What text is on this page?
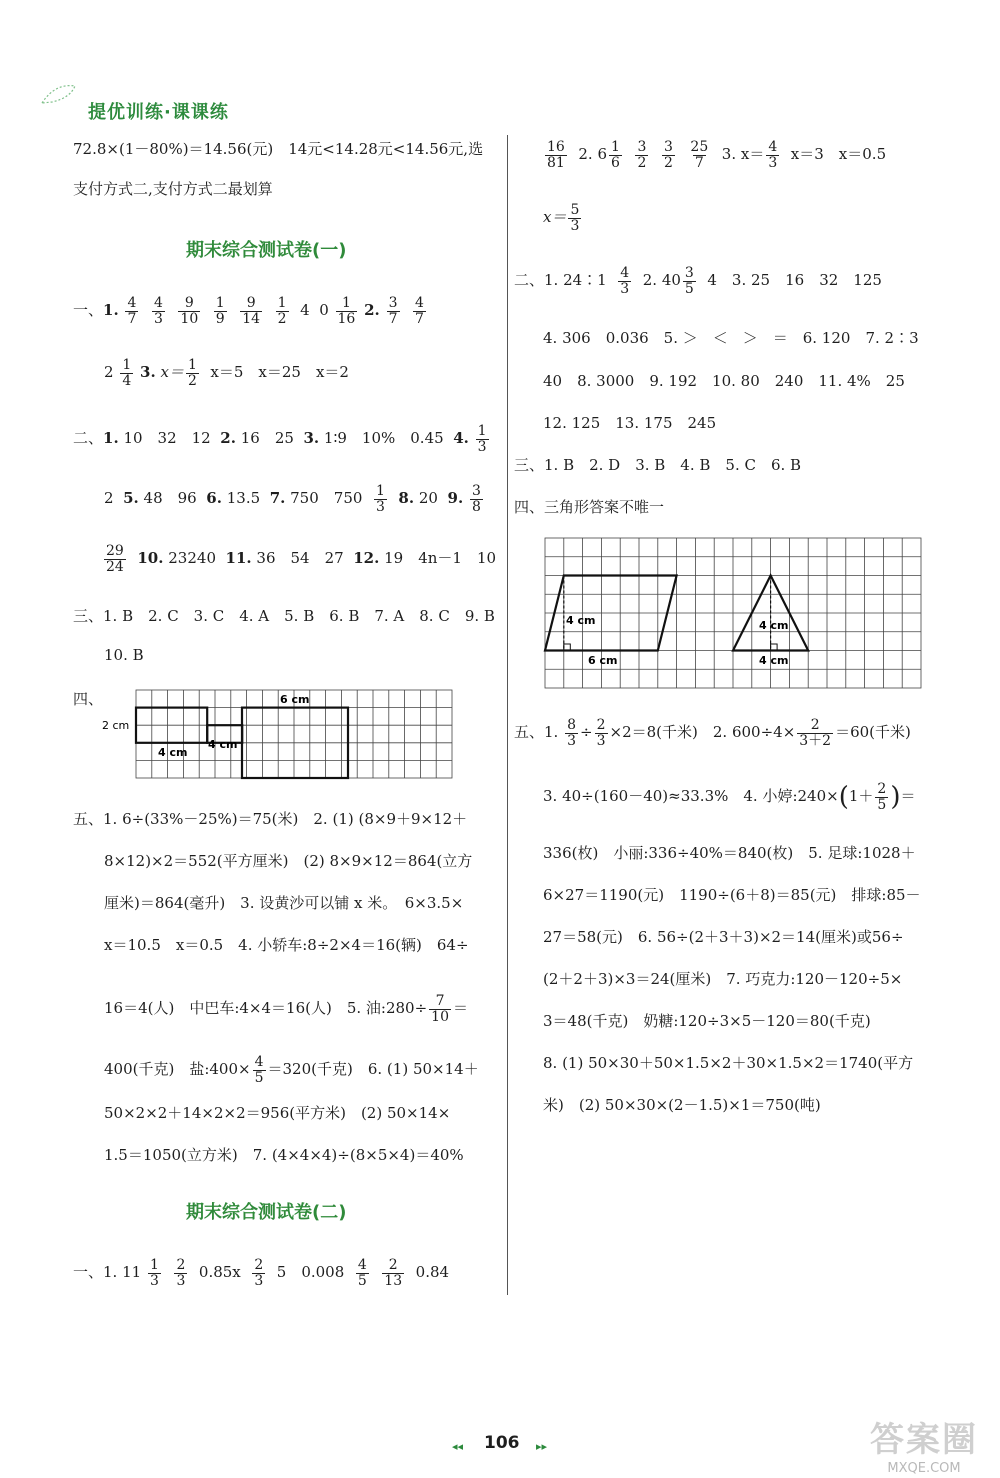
提优训练·课课练
72.8×(1－80%)＝14.56(元)　14元<14.28元<14.56元,选
支付方式二,支付方式二最划算
期末综合测试卷(一)
一、1. $\frac{4}{7}$
$\frac{4}{3}$
$\frac{9}{10}$
$\frac{1}{9}$
$\frac{9}{14}$
$\frac{1}{2} 4$ $0 \frac{1}{16} 2$. $\frac{3}{7}$
$\frac{4}{7}$
$2 \frac{1}{4} 3$. $x= \frac{1}{2} x=5$　x＝25　x＝2
二、1. 10　32　12 2. 16　25 3. 1∶9　10%　0.45 4. $\frac{1}{3}$
2 5. 48　96 6. 13.5 7. 750　$750 \frac{1}{3} 8$. 20 9. $\frac{3}{8}$
$\frac{29}{24} 10$. 23240 11. 36　54　27 12. 19　4n－1　10
三、1. B　2. C　3. C　4. A　5. B　6. B　7. A　8. C　9. B
10. B
四、	6 cm
2 cm
4 cm
4 cm
五、1. 6÷(33%－25%)＝75(米)　2. (1) (8×9＋9×12＋
8×12)×2＝552(平方厘米)　(2) 8×9×12＝864(立方
厘米)＝864(毫升)　3. 设黄沙可以铺 x 米。　6×3.5×
x＝10.5　x＝0.5　4. 小轿车:8÷2×4＝16(辆)　64÷
16＝4(人)　中巴车:4×4＝16(人)　5. 油:280÷ $\frac{7}{10}$ ＝
400(千克)　盐:400× $\frac{4}{5} =320$(千克)　6. (1) 50×14＋
50×2×2＋14×2×2＝956(平方米)　(2) 50×14×
1.5＝1050(立方米)　7. (4×4×4)÷(8×5×4)＝40%
期末综合测试卷(二)
一、1. $11 \frac{1}{3}$
$\frac{2}{3} 0.85x \frac{2}{3} 5$　$0.008 \frac{4}{5}$
$\frac{2}{13} 0.84$
$\frac{16}{81} 2$. $6 \frac{1}{6}$
$\frac{3}{2}$
$\frac{3}{2}$
$\frac{25}{7} 3$. $x= \frac{4}{3} x=3$　x＝0.5
$x= \frac{5}{3}$
二、1. 24∶1 $\frac{4}{3} 2$. $40 \frac{3}{5} 4$　3. 25　16　32　125
4. 306　0.036　5. ＞　＜　＞　＝　6. 120　7. 2∶3
40　8. 3000　9. 192　10. 80　240　11. 4%　25
12. 125　13. 175　245
三、1. B　2. D　3. B　4. B　5. C　6. B
四、三角形答案不唯一
4 cm
6 cm
4 cm
4 cm
五、1. $\frac{8}{3} \div \frac{2}{3} \times 2=8$(千米)　2. $600\div 4\times \frac{2}{3+2} =60$(千米)
3. 40÷(160－40)≈33.3%　4. 小婷:240×(1＋ $\frac{2}{5}$ )＝
336(枚)　小丽:336÷40%＝840(枚)　5. 足球:1028＋
6×27＝1190(元)　1190÷(6＋8)＝85(元)　排球:85－
27＝58(元)　6. 56÷(2＋3＋3)×2＝14(厘米)或56÷
(2＋2＋3)×3＝24(厘米)　7. 巧克力:120－120÷5×
3＝48(千克)　奶糖:120÷3×5－120＝80(千克)
8. (1) 50×30＋50×1.5×2＋30×1.5×2＝1740(平方
米)　(2) 50×30×(2－1.5)×1＝750(吨)
◂◂ 106 ▸▸	答案圈
MXQE.COM
